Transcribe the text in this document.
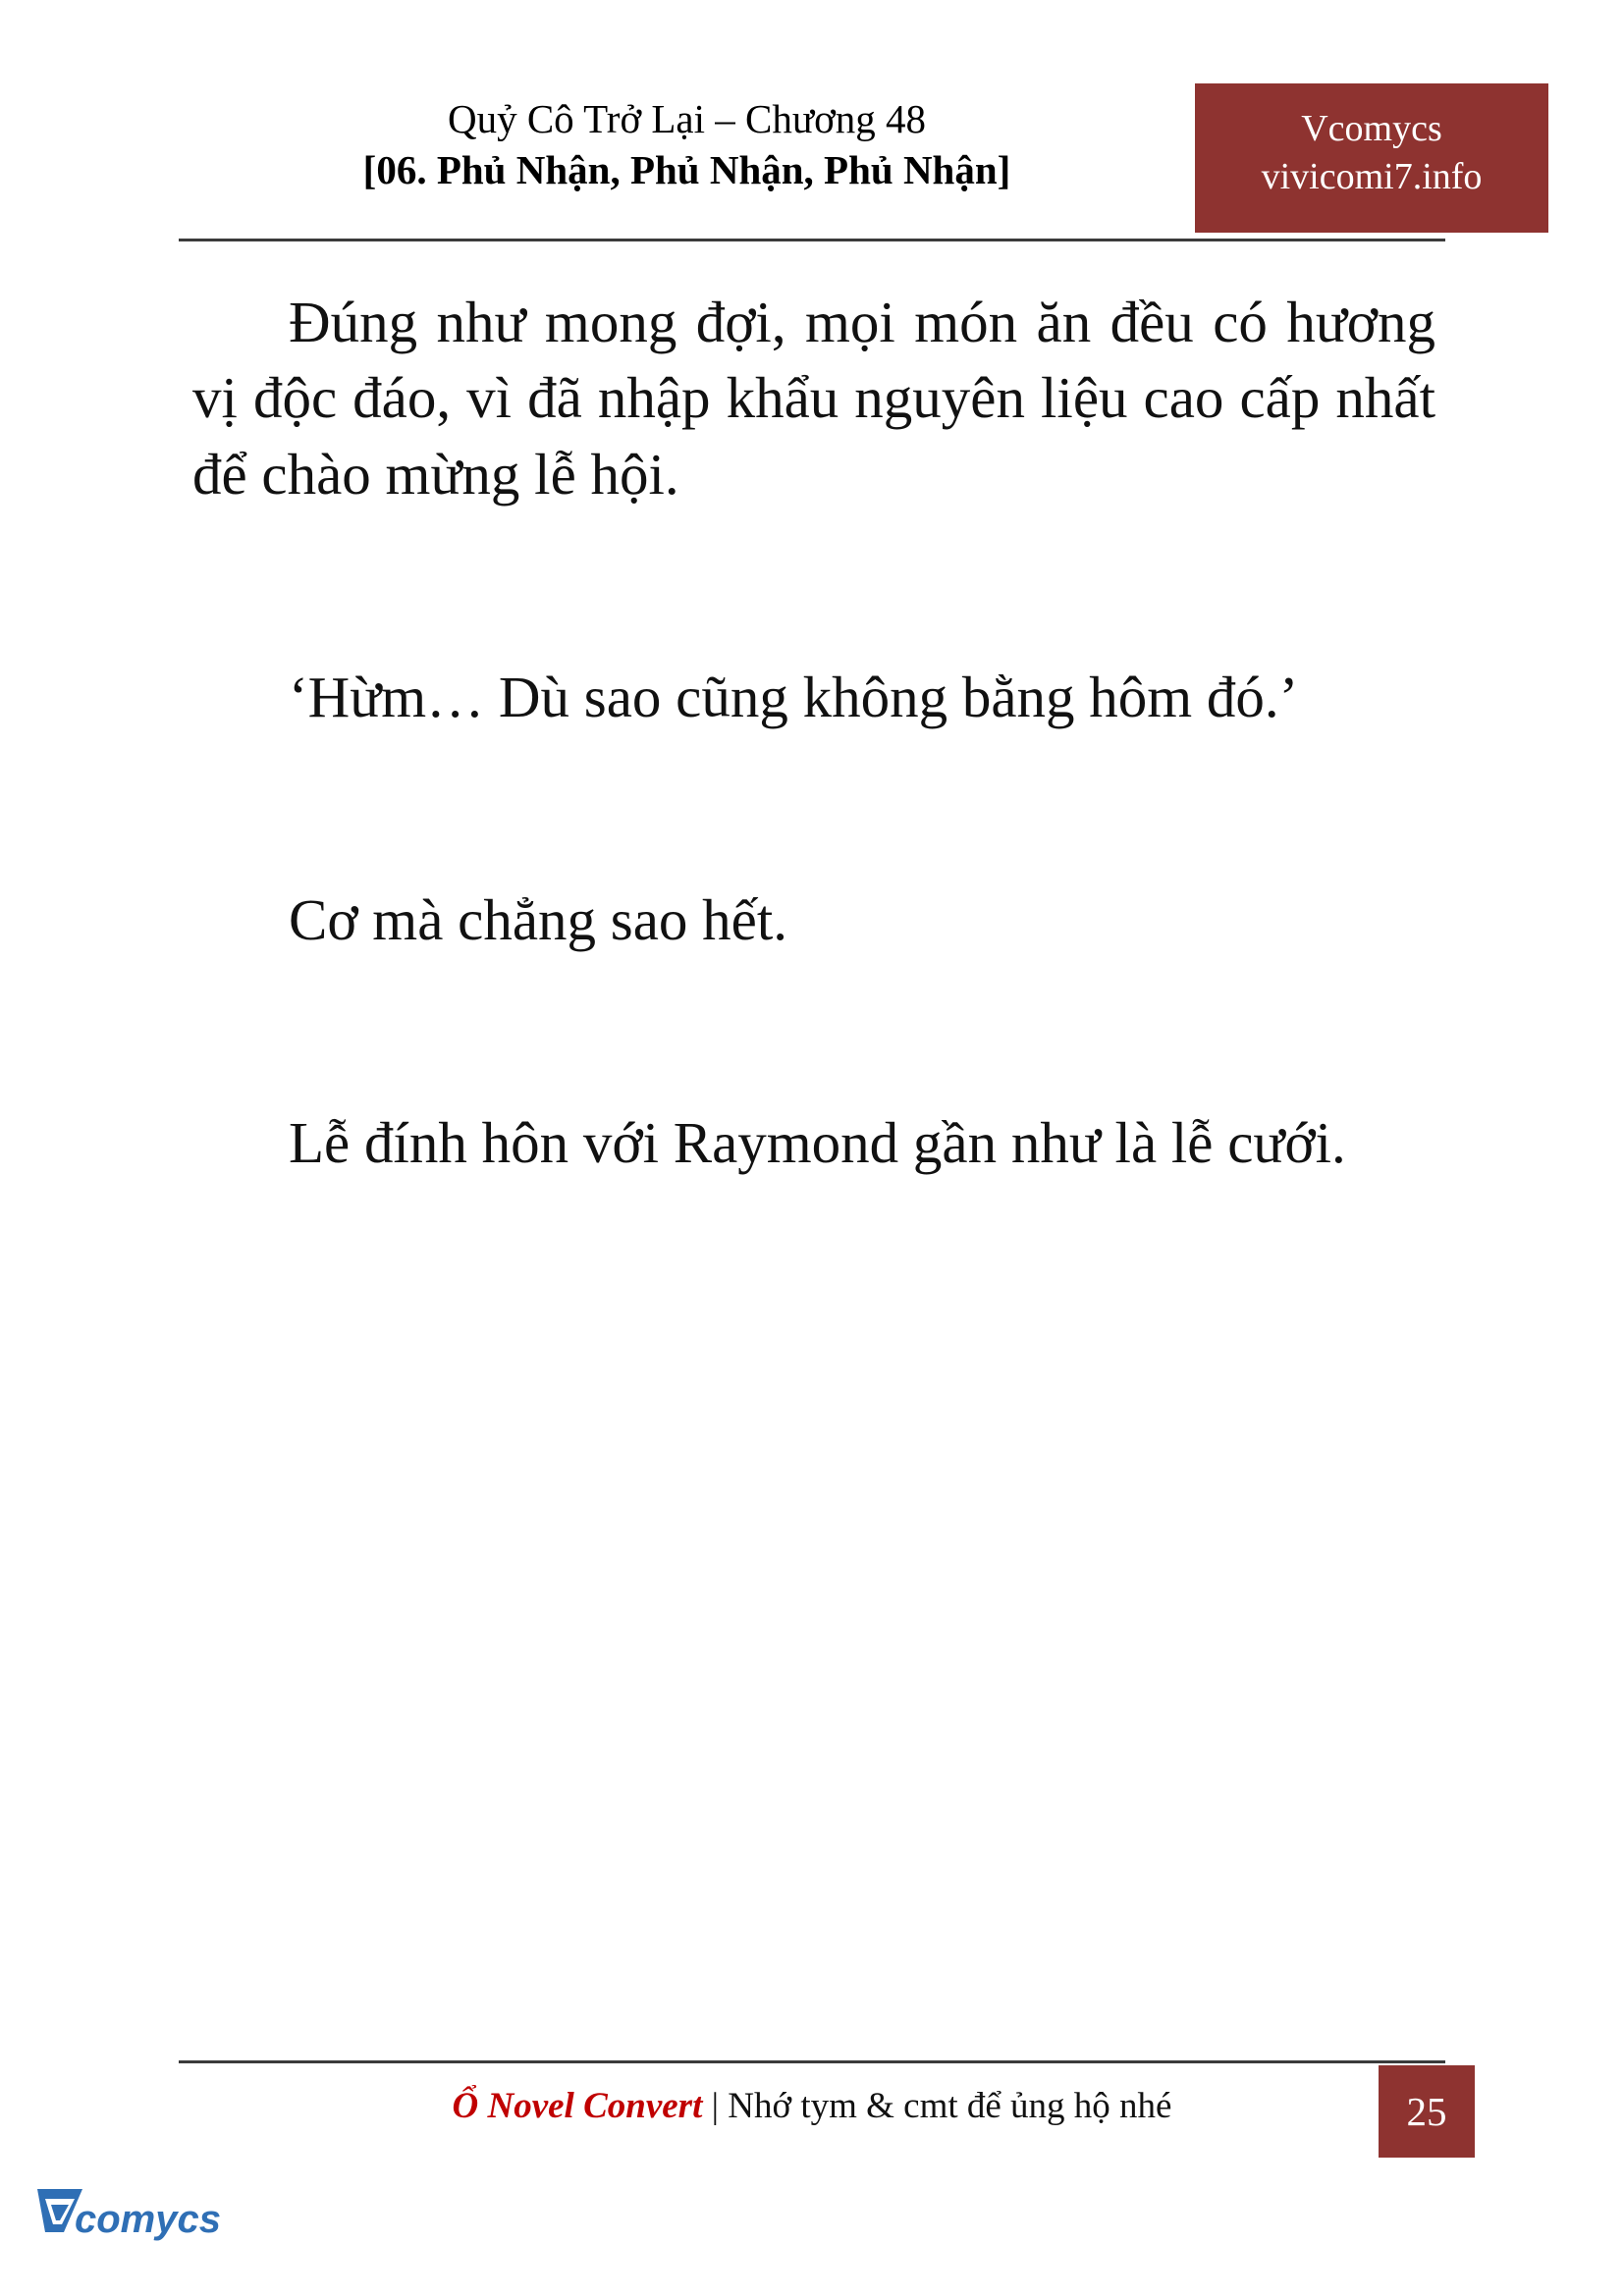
Quỷ Cô Trở Lại – Chương 48
[06. Phủ Nhận, Phủ Nhận, Phủ Nhận]
Vcomycs
vivicomi7.info

Đúng như mong đợi, mọi món ăn đều có hương vị độc đáo, vì đã nhập khẩu nguyên liệu cao cấp nhất để chào mừng lễ hội.

‘Hừm… Dù sao cũng không bằng hôm đó.’

Cơ mà chẳng sao hết.

Lễ đính hôn với Raymond gần như là lễ cưới.

Ổ Novel Convert | Nhớ tym & cmt để ủng hộ nhé	25
comycs
